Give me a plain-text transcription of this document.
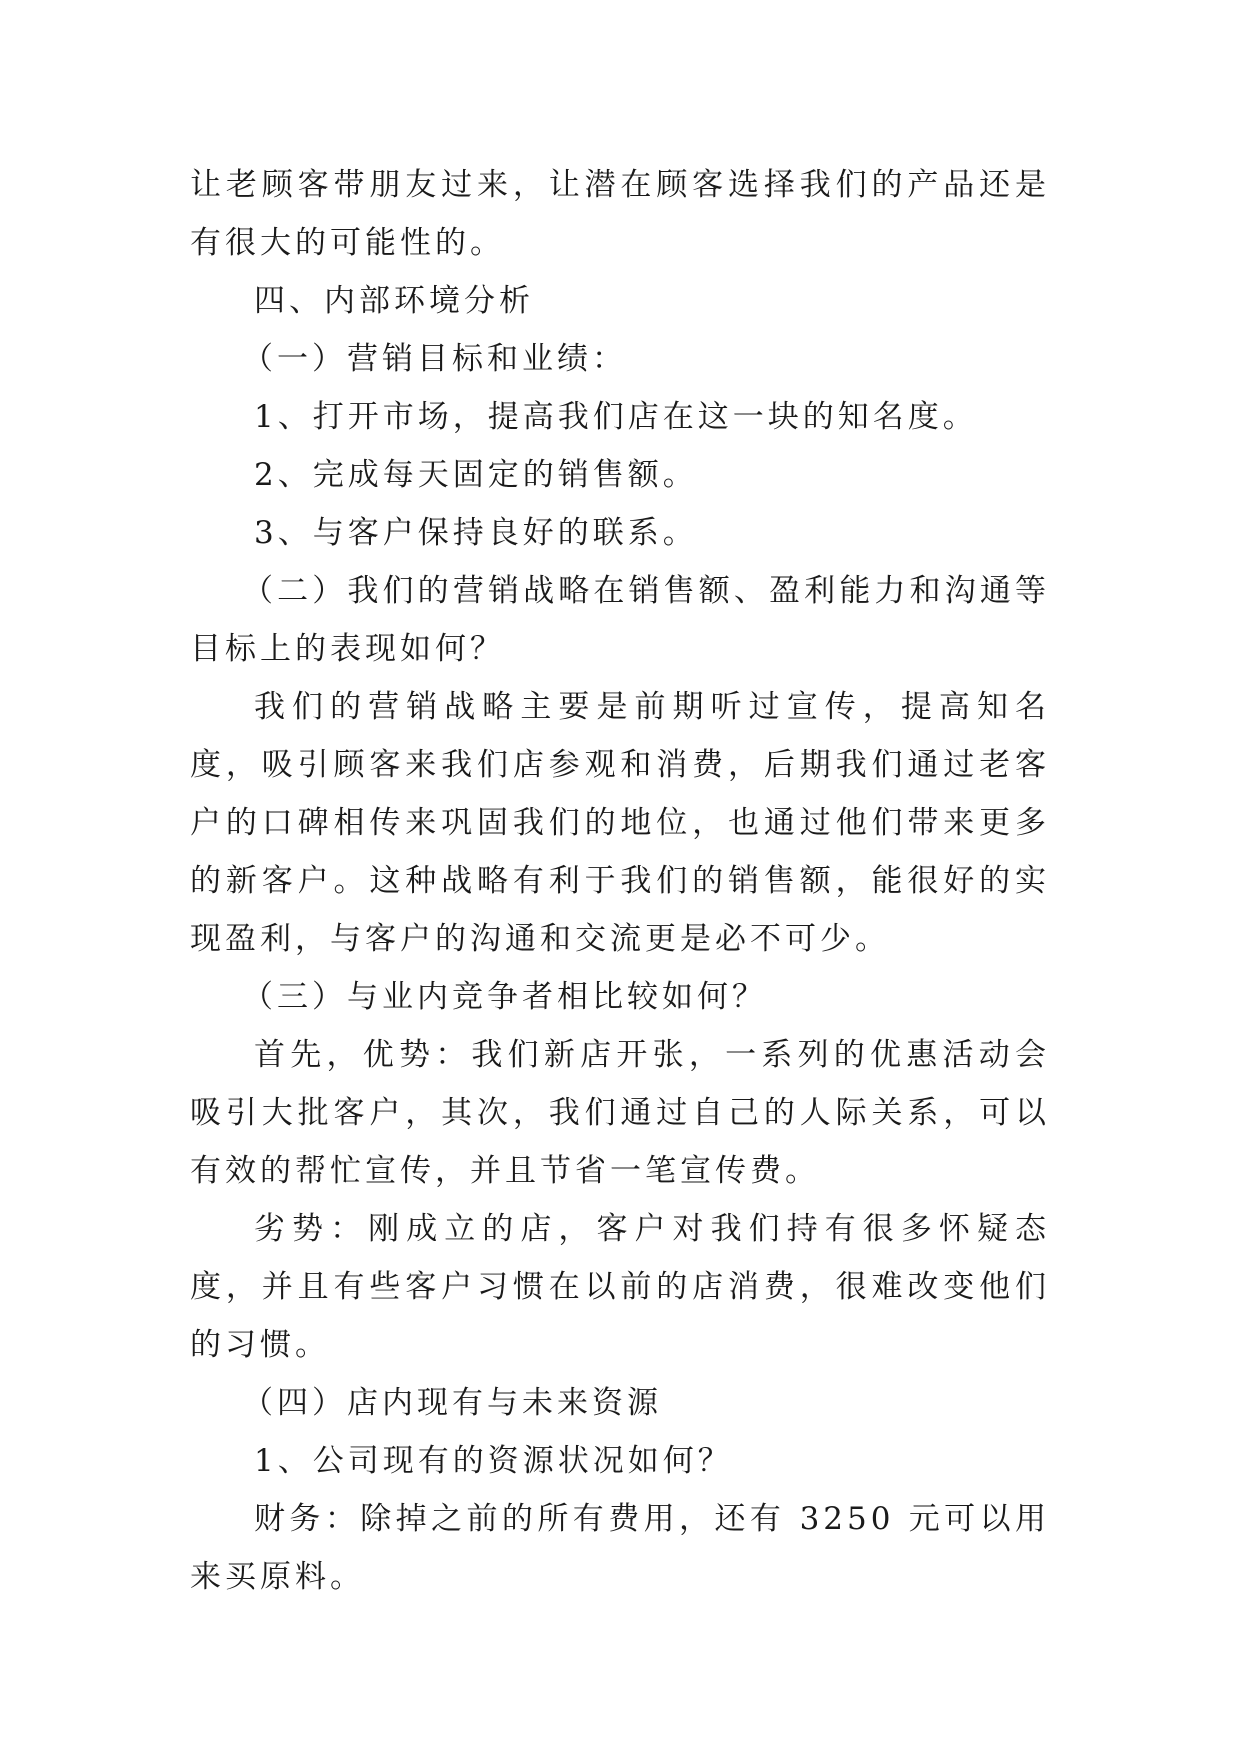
让老顾客带朋友过来，让潜在顾客选择我们的产品还是有很大的可能性的。

四、内部环境分析

（一）营销目标和业绩：

1、打开市场，提高我们店在这一块的知名度。

2、完成每天固定的销售额。

3、与客户保持良好的联系。

（二）我们的营销战略在销售额、盈利能力和沟通等目标上的表现如何？

我们的营销战略主要是前期听过宣传，提高知名度，吸引顾客来我们店参观和消费，后期我们通过老客户的口碑相传来巩固我们的地位，也通过他们带来更多的新客户。这种战略有利于我们的销售额，能很好的实现盈利，与客户的沟通和交流更是必不可少。

（三）与业内竞争者相比较如何？

首先，优势：我们新店开张，一系列的优惠活动会吸引大批客户，其次，我们通过自己的人际关系，可以有效的帮忙宣传，并且节省一笔宣传费。

劣势：刚成立的店，客户对我们持有很多怀疑态度，并且有些客户习惯在以前的店消费，很难改变他们的习惯。

（四）店内现有与未来资源

1、公司现有的资源状况如何？

财务：除掉之前的所有费用，还有 3250 元可以用来买原料。
